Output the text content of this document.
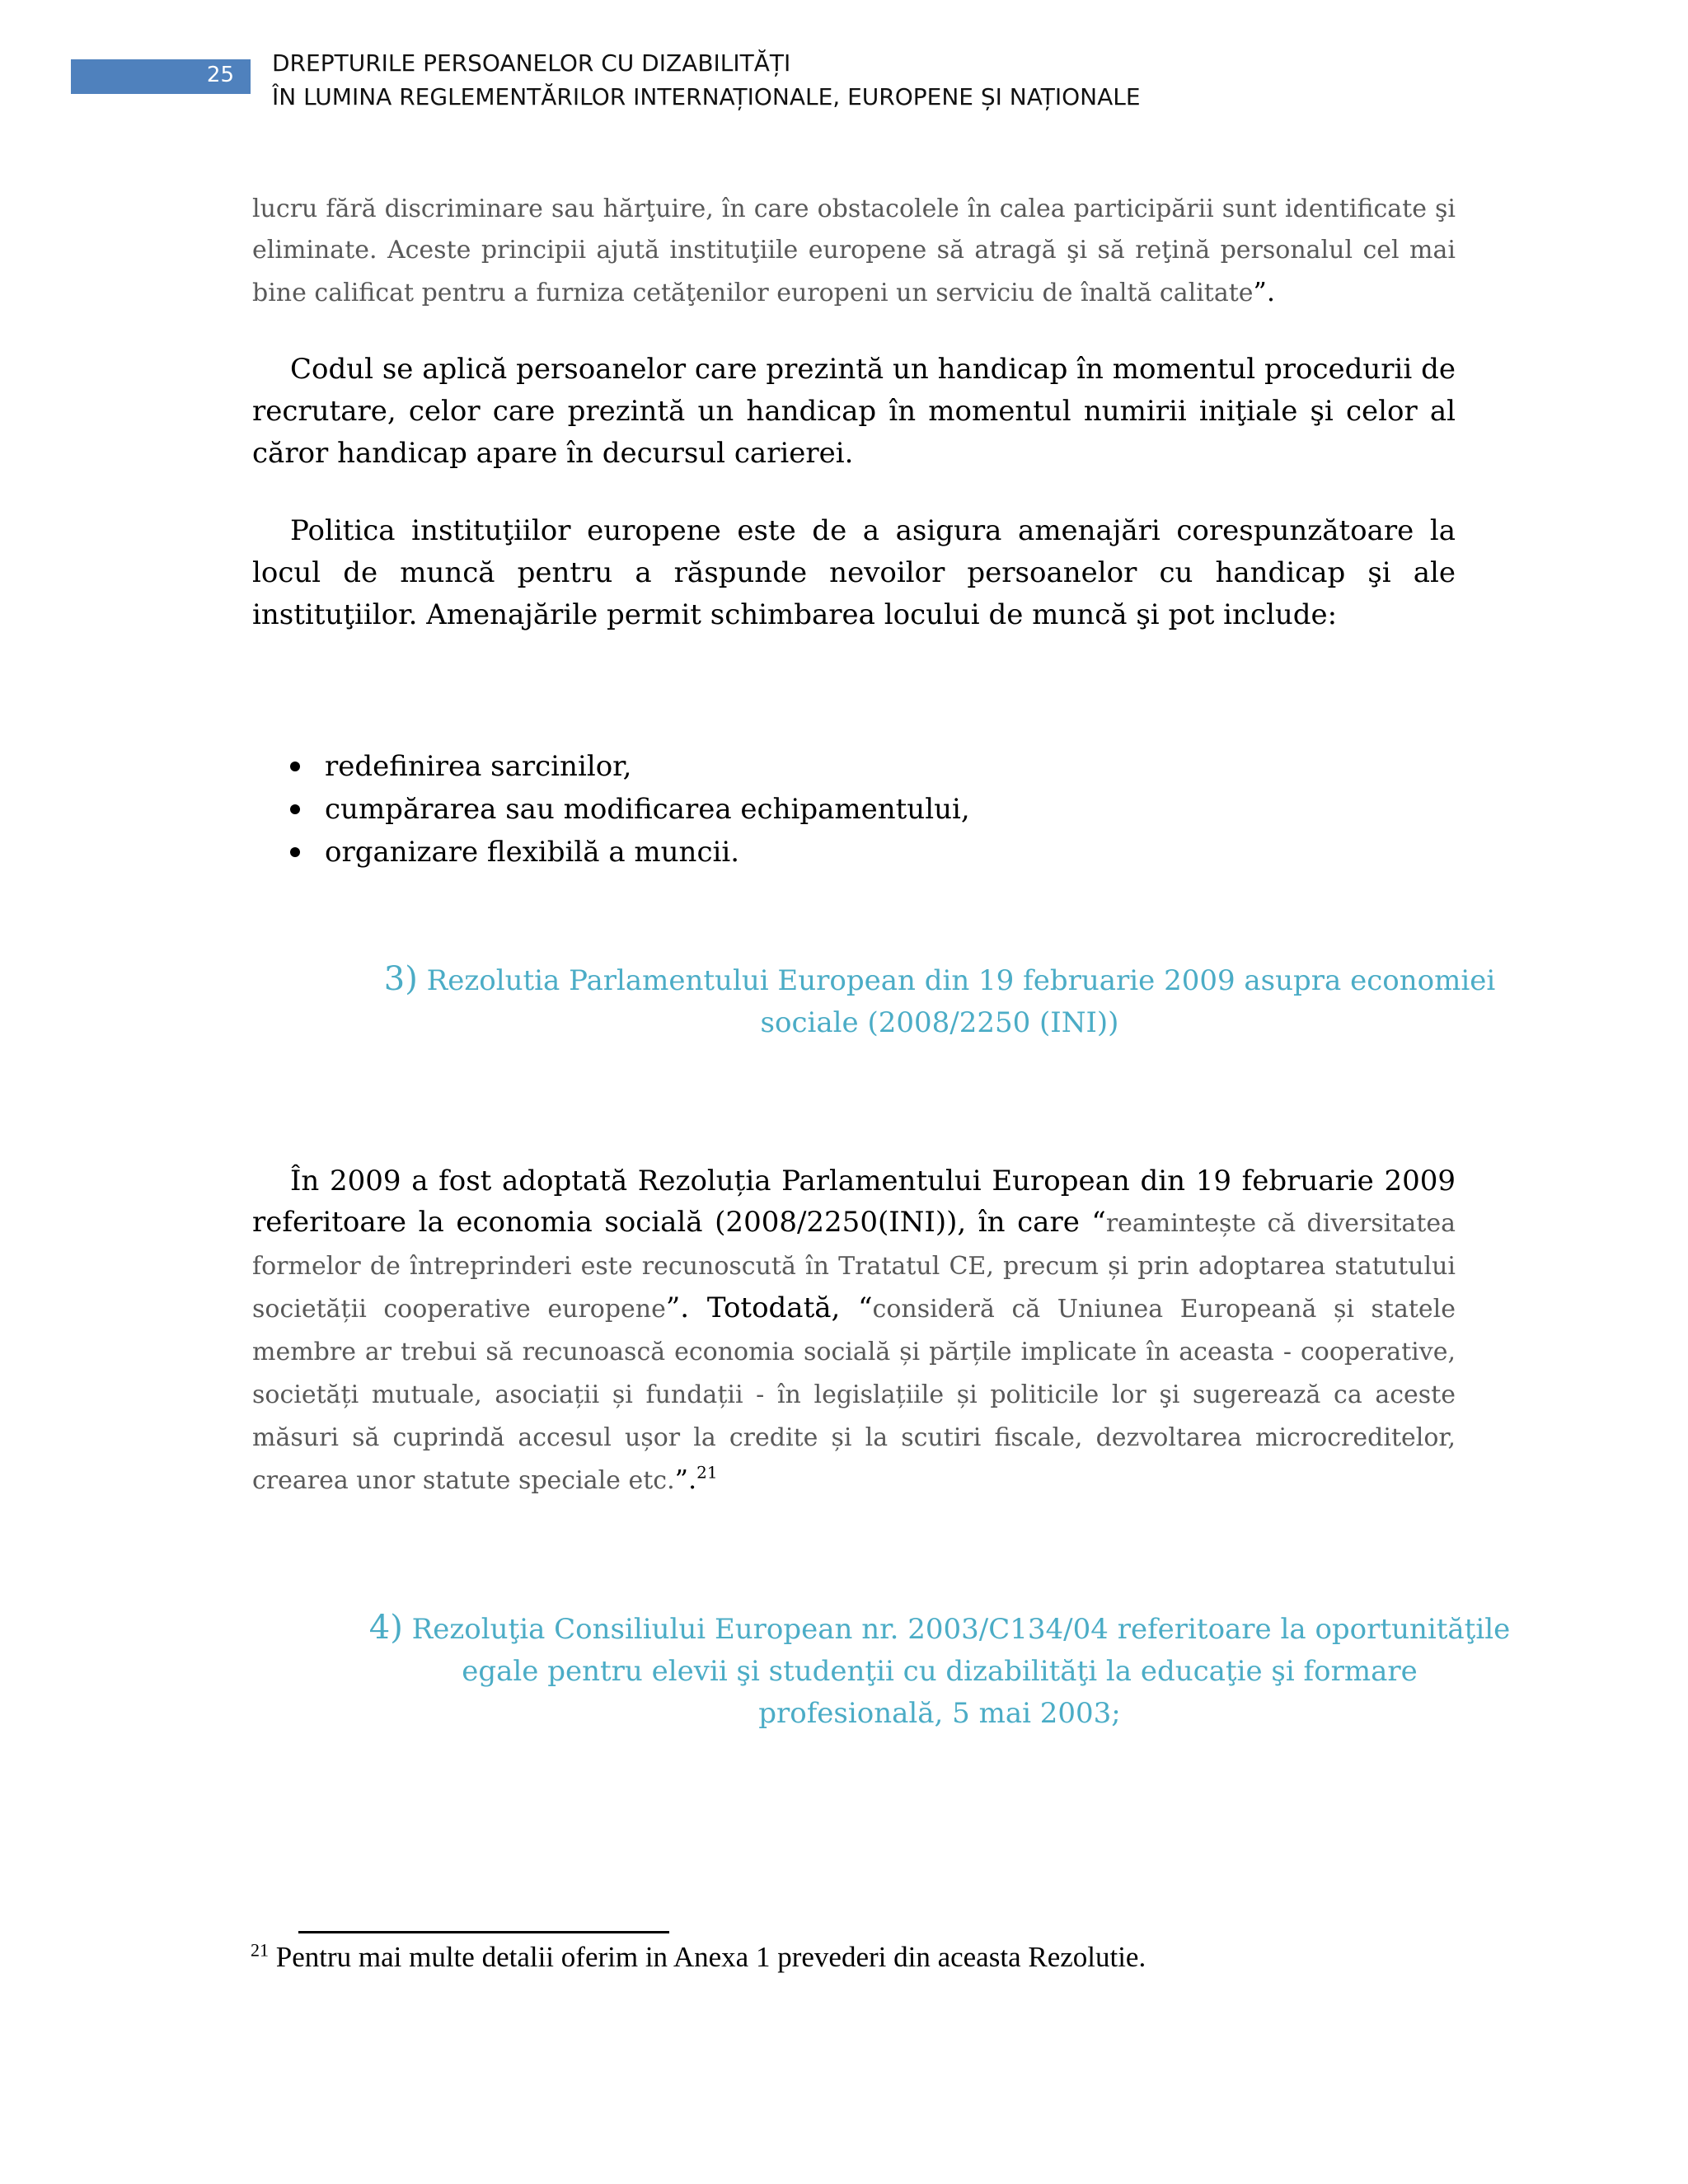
25 DREPTURILE PERSOANELOR CU DIZABILITĂȚI
ÎN LUMINA REGLEMENTĂRILOR INTERNAȚIONALE, EUROPENE ȘI NAȚIONALE
lucru fără discriminare sau hărţuire, în care obstacolele în calea participării sunt identificate şi eliminate. Aceste principii ajută instituţiile europene să atragă şi să reţină personalul cel mai bine calificat pentru a furniza cetăţenilor europeni un serviciu de înaltă calitate”.
Codul se aplică persoanelor care prezintă un handicap în momentul procedurii de recrutare, celor care prezintă un handicap în momentul numirii iniţiale şi celor al căror handicap apare în decursul carierei.
Politica instituţiilor europene este de a asigura amenajări corespunzătoare la locul de muncă pentru a răspunde nevoilor persoanelor cu handicap şi ale instituţiilor. Amenajările permit schimbarea locului de muncă şi pot include:
redefinirea sarcinilor,
cumpărarea sau modificarea echipamentului,
organizare flexibilă a muncii.
3) Rezolutia Parlamentului European din 19 februarie 2009 asupra economiei
sociale (2008/2250 (INI))
În 2009 a fost adoptată Rezoluția Parlamentului European din 19 februarie 2009 referitoare la economia socială (2008/2250(INI)), în care “reamintește că diversitatea formelor de întreprinderi este recunoscută în Tratatul CE, precum și prin adoptarea statutului societății cooperative europene”. Totodată, “consideră că Uniunea Europeană și statele membre ar trebui să recunoască economia socială și părțile implicate în aceasta - cooperative, societăți mutuale, asociații și fundații - în legislațiile și politicile lor şi sugerează ca aceste măsuri să cuprindă accesul ușor la credite și la scutiri fiscale, dezvoltarea microcreditelor, crearea unor statute speciale etc.”.$^{21}$
4) Rezoluţia Consiliului European nr. 2003/C134/04 referitoare la oportunităţile
egale pentru elevii şi studenţii cu dizabilităţi la educaţie şi formare
profesională, 5 mai 2003;
$^{21}$ Pentru mai multe detalii oferim in Anexa 1 prevederi din aceasta Rezolutie.
